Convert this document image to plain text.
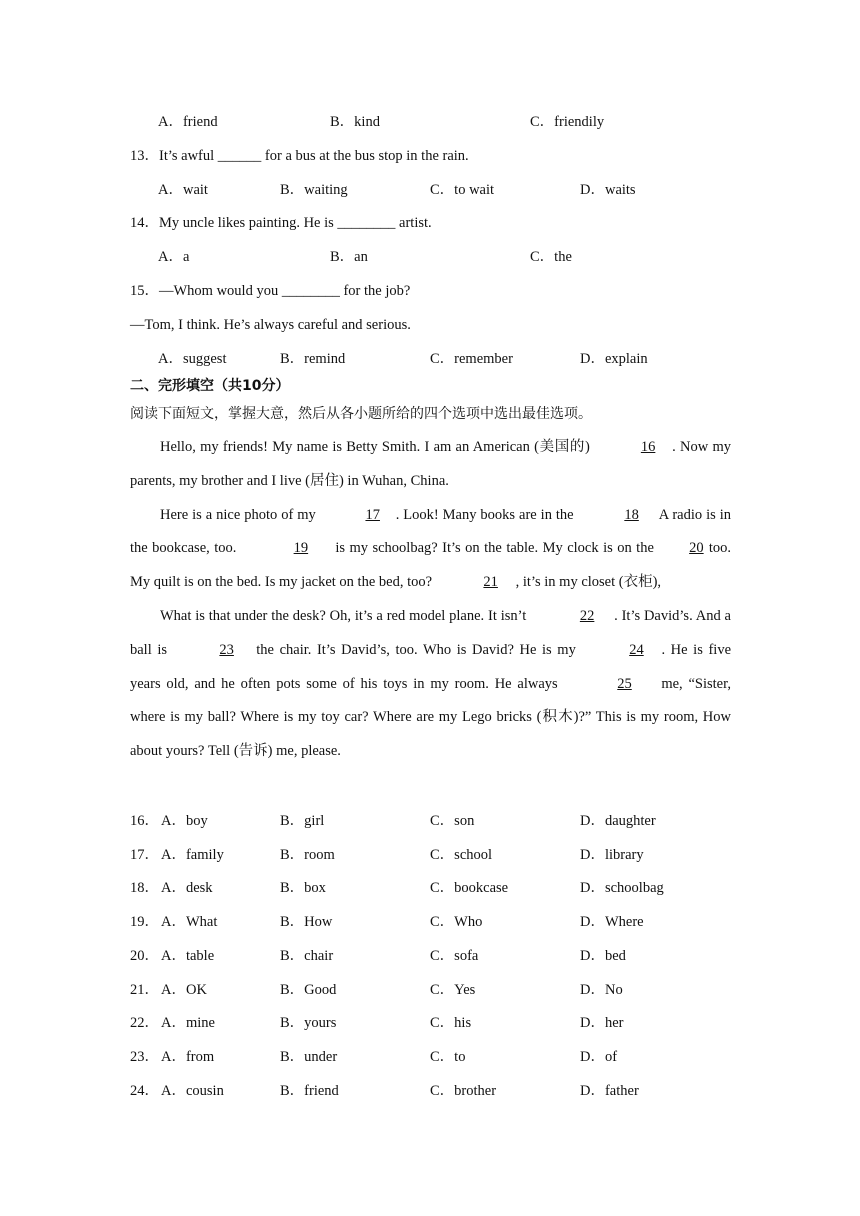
A．friend	B．kind	C．friendily
13．It’s awful ______ for a bus at the bus stop in the rain.
A．wait	B．waiting	C．to wait	D．waits
14．My uncle likes painting. He is ________ artist.
A．a	B．an	C．the
15．—Whom would you ________ for the job?
—Tom, I think. He’s always careful and serious.
A．suggest	B．remind	C．remember	D．explain
二、完形填空（共10分）
阅读下面短文，掌握大意，然后从各小题所给的四个选项中选出最佳选项。
Hello, my friends! My name is Betty Smith. I am an American (美国的)	16 . Now my parents, my brother and I live (居住) in Wuhan, China.
Here is a nice photo of my	17 . Look! Many books are in the	18 A radio is in the bookcase, too.	19 is my schoolbag? It’s on the table. My clock is on the 20 too. My quilt is on the bed. Is my jacket on the bed, too?	21 , it’s in my closet (衣柜),
What is that under the desk? Oh, it’s a red model plane. It isn’t	22 . It’s David’s. And a ball is	23 the chair. It’s David’s, too. Who is David? He is my	24 . He is five years old, and he often pots some of his toys in my room. He always	25 me, “Sister, where is my ball? Where is my toy car? Where are my Lego bricks (积木)?” This is my room, How about yours? Tell (告诉) me, please.
16． A．boy	B．girl	C．son	D．daughter
17． A．family	B．room	C．school	D．library
18． A．desk	B．box	C．bookcase	D．schoolbag
19． A．What	B．How	C．Who	D．Where
20． A．table	B．chair	C．sofa	D．bed
21． A．OK	B．Good	C．Yes	D．No
22． A．mine	B．yours	C．his	D．her
23． A．from	B．under	C．to	D．of
24． A．cousin	B．friend	C．brother	D．father
